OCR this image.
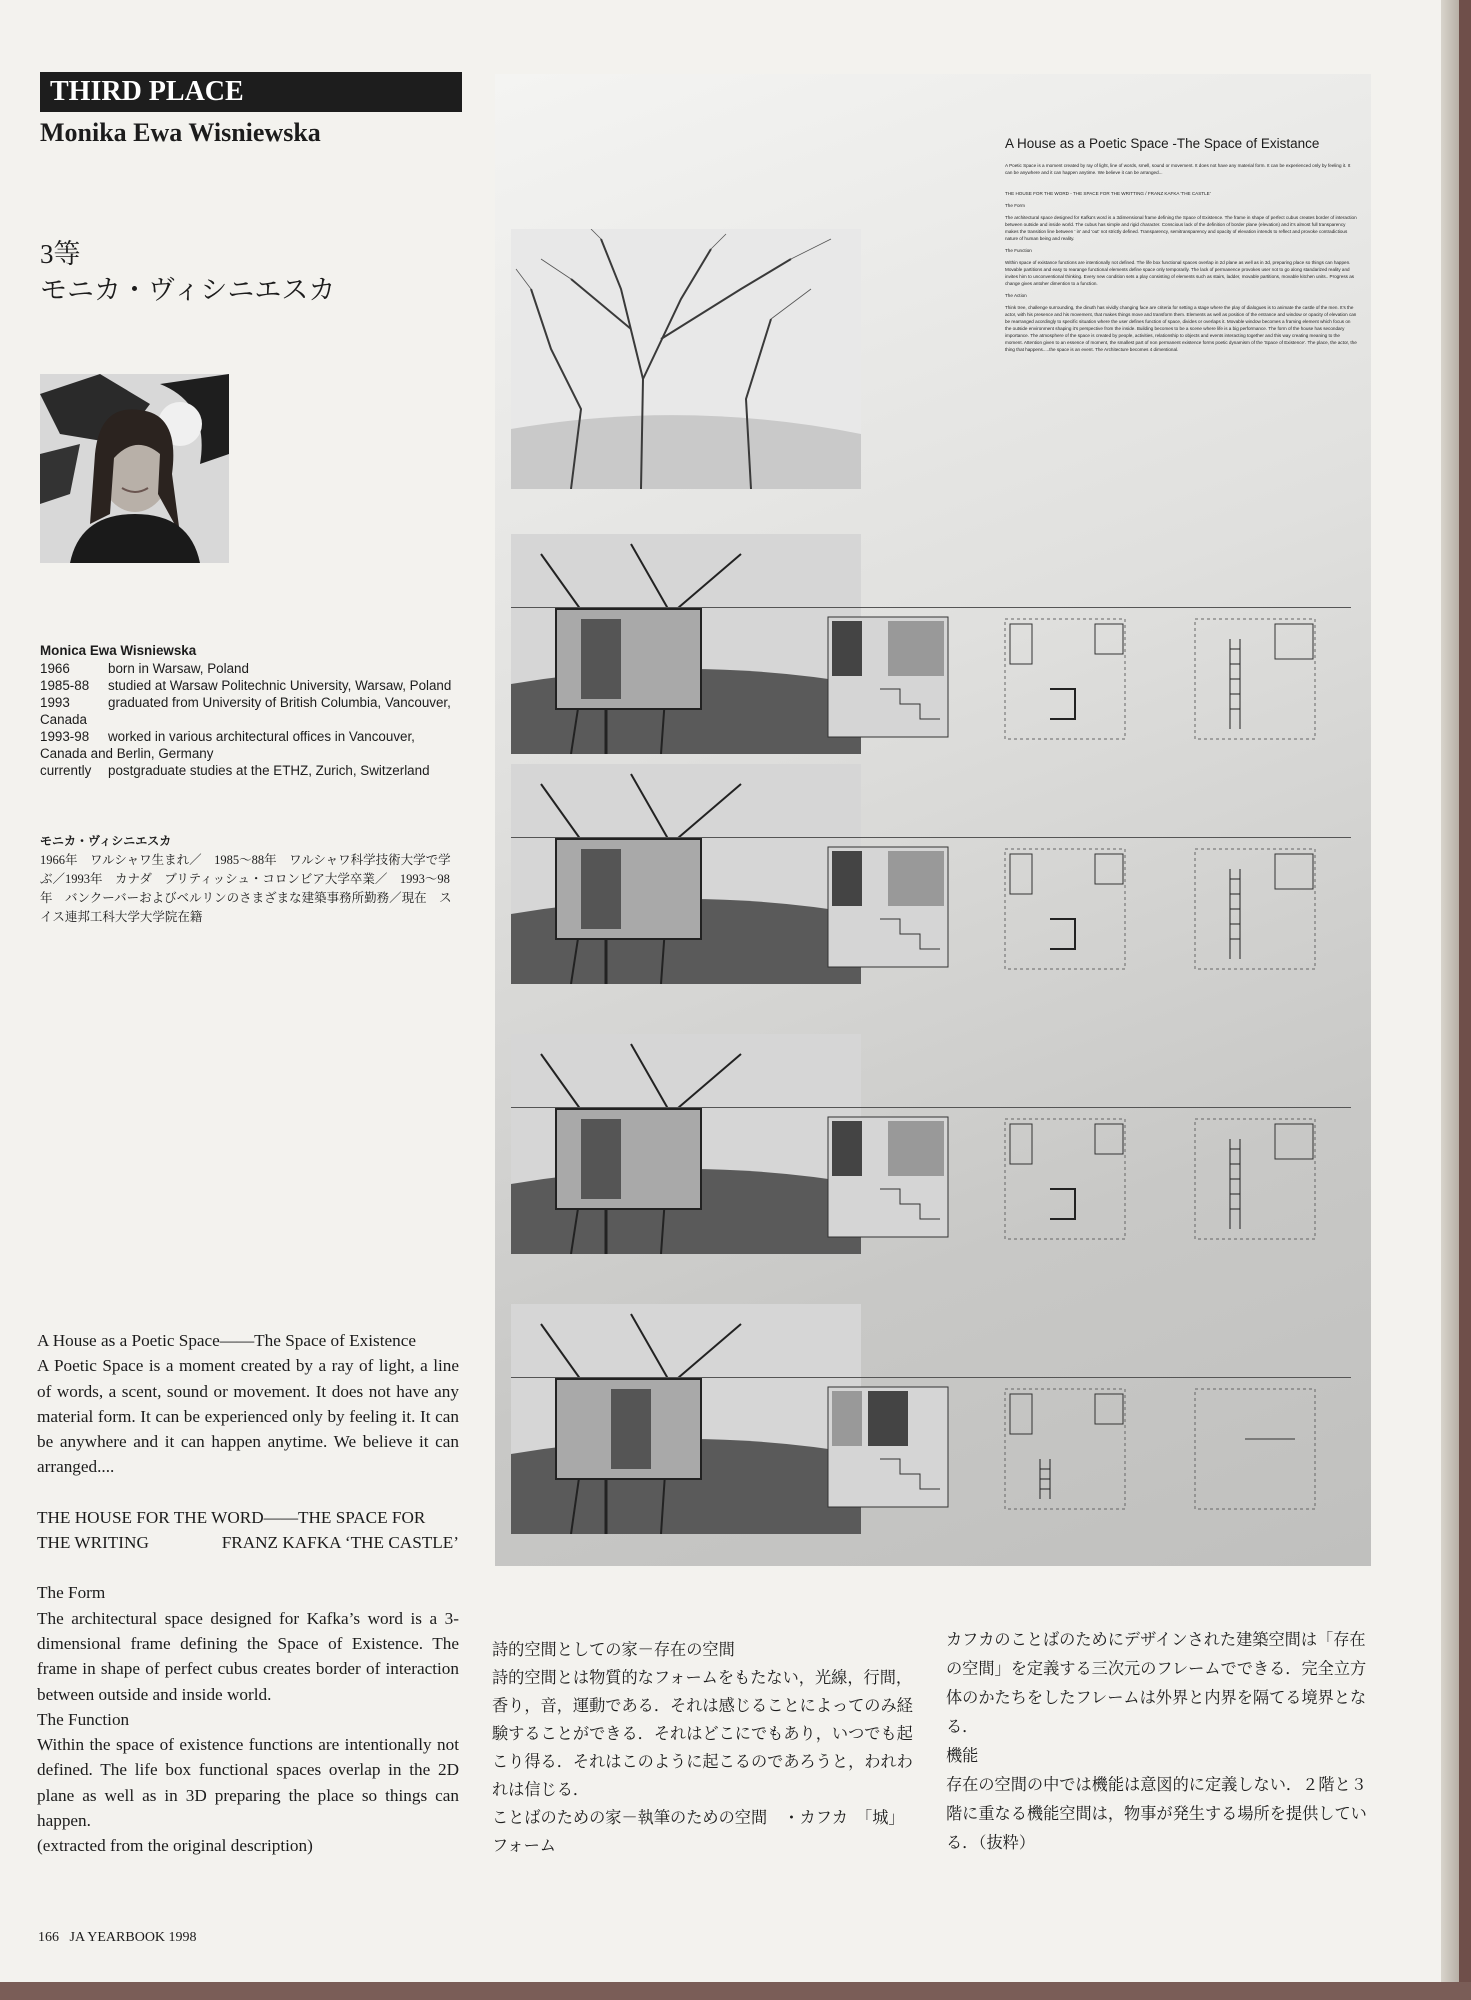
THIRD PLACE
Monika Ewa Wisniewska
3等
モニカ・ヴィシニエスカ
Monica Ewa Wisniewska
1966	born in Warsaw, Poland
1985-88 studied at Warsaw Politechnic University, Warsaw, Poland
1993	graduated from University of British Columbia, Vancouver, Canada
1993-98 worked in various architectural offices in Vancouver, Canada and Berlin, Germany
currently	postgraduate studies at the ETHZ, Zurich, Switzerland
モニカ・ヴィシニエスカ
1966年　ワルシャワ生まれ／　1985～88年　ワルシャワ科学技術大学で学ぶ／1993年　カナダ　ブリティッシュ・コロンビア大学卒業／　1993～98年　バンクーバーおよびベルリンのさまざまな建築事務所勤務／現在　スイス連邦工科大学大学院在籍

A House as a Poetic Space——The Space of Existence

A Poetic Space is a moment created by a ray of light, a line of words, a scent, sound or movement. It does not have any material form. It can be experienced only by feeling it. It can be anywhere and it can happen anytime. We believe it can arranged....

THE HOUSE FOR THE WORD——THE SPACE FOR

THE WRITING	FRANZ KAFKA ‘THE CASTLE’

The Form

The architectural space designed for Kafka’s word is a 3-dimensional frame defining the Space of Existence. The frame in shape of perfect cubus creates border of interaction between outside and inside world.

The Function

Within the space of existence functions are intentionally not defined. The life box functional spaces overlap in the 2D plane as well as in 3D preparing the place so things can happen.

(extracted from the original description)

詩的空間としての家－存在の空間

詩的空間とは物質的なフォームをもたない，光線，行間，香り，音，運動である．それは感じることによってのみ経験することができる．それはどこにでもあり，いつでも起こり得る．それはこのように起こるのであろうと，われわれは信じる．

ことばのための家－執筆のための空間　・カフカ　「城」

フォーム

カフカのことばのためにデザインされた建築空間は「存在の空間」を定義する三次元のフレームでできる．完全立方体のかたちをしたフレームは外界と内界を隔てる境界となる．

機能

存在の空間の中では機能は意図的に定義しない．２階と３階に重なる機能空間は，物事が発生する場所を提供している．（抜粋）

166 JA YEARBOOK 1998
A House as a Poetic Space -The Space of Existance

A Poetic Space is a moment created by ray of light, line of words, smell, sound or movement. It does not have any material form. It can be experienced only by feeling it. It can be anywhere and it can happen anytime. We believe it can be arranged...

THE HOUSE FOR THE WORD - THE SPACE FOR THE WRITTING / FRANZ KAFKA 'THE CASTLE'

The Form

The architectural space designed for Kafka's word is a 3dimensional frame defining the Space of Existence. The frame in shape of perfect cubus creates border of interaction between outside and inside world. The cubus has simple and rigid character. Conscious lack of the definition of border plane (elevation) and it's almost full transparency makes the transition line between ' in' and 'out' not strictly defined. Transparency, semitransparency and opacity of elevation intends to reflect and provoke contradictious nature of human being and reality.

The Function

Within space of existance functions are intentionally not defined. The life box functional spaces overlap in 2d plane as well as in 3d, preparing place so things can happen. Movable partitions and easy to rearange functional elements define space only temporarily. The lack of permanence provokes user not to go along standarized reality and invites him to unconventional thinking. Every new condition sets a play consisting of elements such as stairs, ladder, movable partitions, movable kitchen units.. Progress as change gives antoher dimention to a function.

The Action

Think tree, challenge surrounding, the dinuth has vividly changing face are criteria for setting a stage where the play of dialogues is to animate the castle of the men. It's the actor, with his presence and his movement, that makes things move and transform them. Elements as well as position of the entrance and window or opacity of elevation can be rearranged acordingly to specific situation where the user defines function of space, divides or overlaps it. Movable window becomes a framing element which focus on the outside environment shaping it's perspective from the inside. Building becomes to be a scene where life is a big performance. The form of the house has secondary importance. The atmosphere of the space is created by people, activities, relationship to objects and events interacting together and this way creating meaning to the moment. Attention given to an essence of moment, the smallest part of non permanent existence forms poetic dynamism of the 'Space of Existence'. The place, the actor, the thing that happens.....the space is an event. The Architecture becomes 4 dimentional.
